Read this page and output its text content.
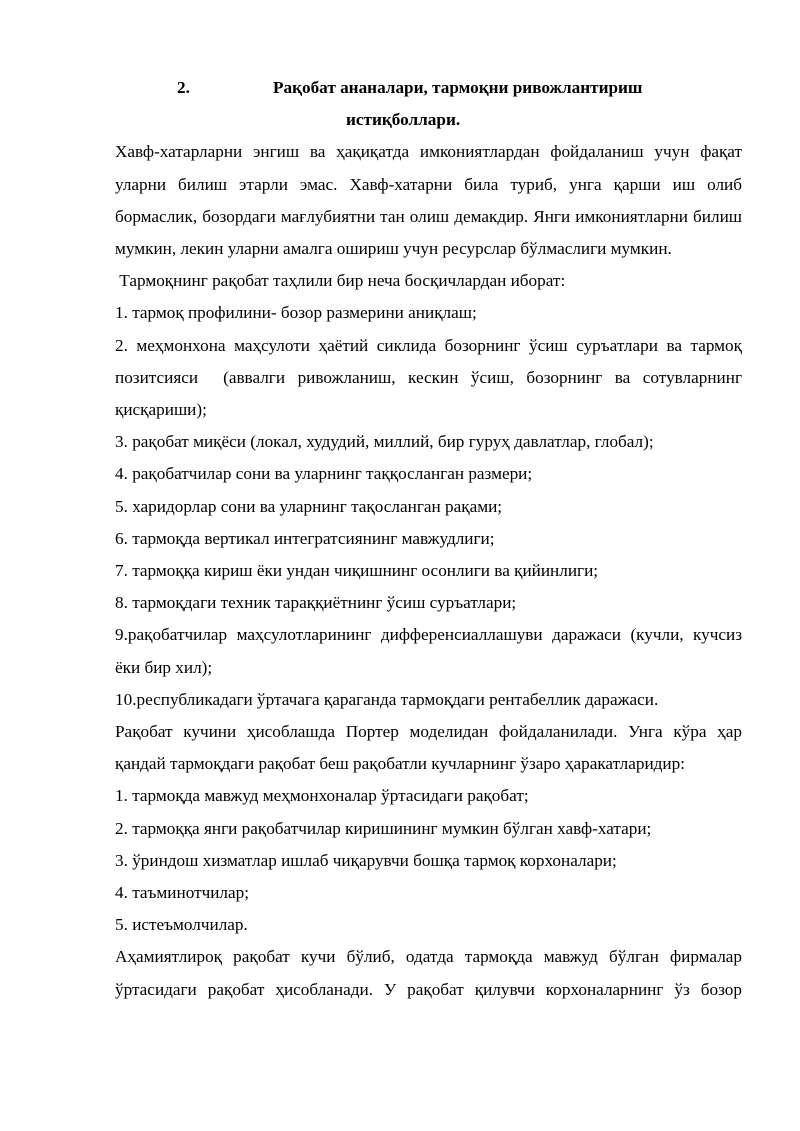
2.	Рақобат ананалари, тармоқни ривожлантириш
истиқболлари.

Хавф-хатарларни энгиш ва ҳақиқатда имкониятлардан фойдаланиш учун фақат уларни билиш этарли эмас. Хавф-хатарни била туриб, унга қарши иш олиб бормаслик, бозордаги мағлубиятни тан олиш демакдир. Янги имкониятларни билиш мумкин, лекин уларни амалга ошириш учун ресурслар бўлмаслиги мумкин.

Тармоқнинг рақобат таҳлили бир неча босқичлардан иборат:

1. тармоқ профилини- бозор размерини аниқлаш;

2. меҳмонхона маҳсулоти ҳаётий сиклида бозорнинг ўсиш суръатлари ва тармоқ позитсияси  (аввалги ривожланиш, кескин ўсиш, бозорнинг ва сотувларнинг қисқариши);

3. рақобат миқёси (локал, худудий, миллий, бир гуруҳ давлатлар, глобал);

4. рақобатчилар сони ва уларнинг таққосланган размери;

5. харидорлар сони ва уларнинг тақосланган рақами;

6. тармоқда вертикал интегратсиянинг мавжудлиги;

7. тармоққа кириш ёки ундан чиқишнинг осонлиги ва қийинлиги;

8. тармоқдаги техник тараққиётнинг ўсиш суръатлари;

9.рақобатчилар маҳсулотларининг дифференсиаллашуви даражаси (кучли, кучсиз ёки бир хил);

10.республикадаги ўртачага қараганда тармоқдаги рентабеллик даражаси.

Рақобат кучини ҳисоблашда Портер моделидан фойдаланилади. Унга кўра ҳар қандай тармоқдаги рақобат беш рақобатли кучларнинг ўзаро ҳаракатларидир:

1. тармоқда мавжуд меҳмонхоналар ўртасидаги рақобат;

2. тармоққа янги рақобатчилар киришининг мумкин бўлган хавф-хатари;

3. ўриндош хизматлар ишлаб чиқарувчи бошқа тармоқ корхоналари;

4. таъминотчилар;

5. истеъмолчилар.

Аҳамиятлироқ рақобат кучи бўлиб, одатда тармоқда мавжуд бўлган фирмалар ўртасидаги рақобат ҳисобланади. У рақобат қилувчи корхоналарнинг ўз бозор
